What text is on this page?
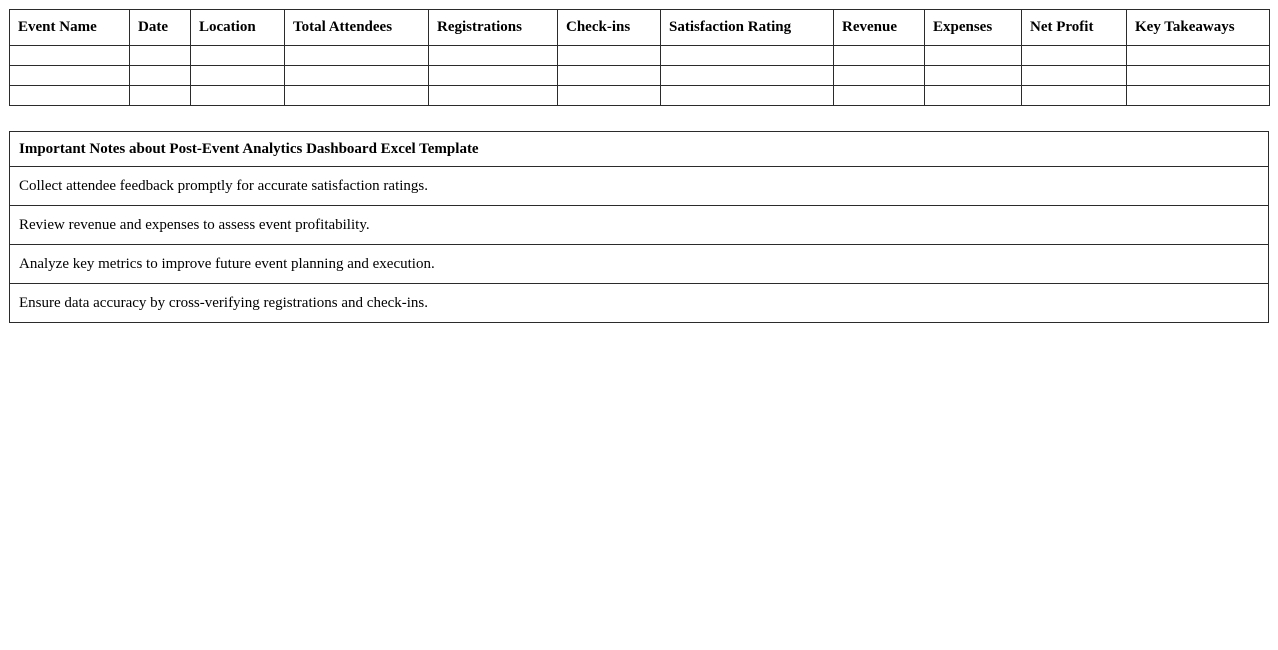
Event Name	Date	Location	Total Attendees	Registrations	Check-ins	Satisfaction Rating	Revenue	Expenses	Net Profit	Key Takeaways

Important Notes about Post-Event Analytics Dashboard Excel Template
Collect attendee feedback promptly for accurate satisfaction ratings.
Review revenue and expenses to assess event profitability.
Analyze key metrics to improve future event planning and execution.
Ensure data accuracy by cross-verifying registrations and check-ins.
